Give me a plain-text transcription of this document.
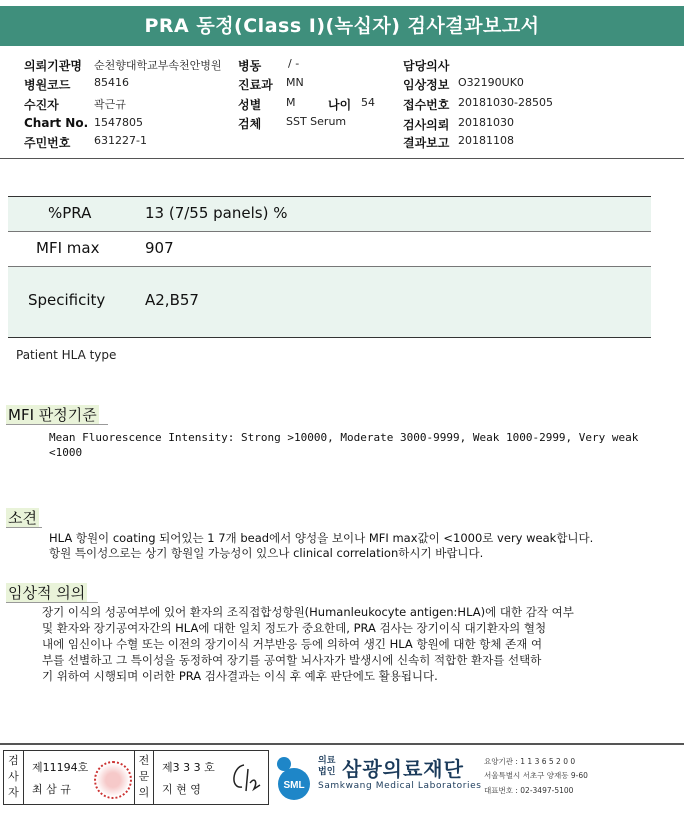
PRA 동정(Class I)(녹십자) 검사결과보고서
의뢰기관명 순천향대학교부속천안병원 병동 / -	담당의사
병원코드 85416	진료과 MN	임상정보 O32190UK0
수진자	곽근규	성별 M	나이 54 접수번호 20181030-28505
Chart No. 1547805	검체 SST Serum	검사의뢰 20181030
주민번호 631227-1	결과보고 20181108
%PRA	13 (7/55 panels) %
MFI max	907
Specificity	A2,B57
Patient HLA type
MFI 판정기준
Mean Fluorescence Intensity: Strong >10000, Moderate 3000-9999, Weak 1000-2999, Very weak
<1000
소견
HLA 항원이 coating 되어있는 1 7개 bead에서 양성을 보이나 MFI max값이 <1000로 very weak합니다.
항원 특이성으로는 상기 항원일 가능성이 있으나 clinical correlation하시기 바랍니다.
임상적 의의
장기 이식의 성공여부에 있어 환자의 조직접합성항원(Humanleukocyte antigen:HLA)에 대한 감작 여부
및 환자와 장기공여자간의 HLA에 대한 일치 정도가 중요한데, PRA 검사는 장기이식 대기환자의 혈청
내에 임신이나 수혈 또는 이전의 장기이식 거부반응 등에 의하여 생긴 HLA 항원에 대한 항체 존재 여
부를 선별하고 그 특이성을 동정하여 장기를 공여할 뇌사자가 발생시에 신속히 적합한 환자를 선택하
기 위하여 시행되며 이러한 PRA 검사결과는 이식 후 예후 판단에도 활용됩니다.
검
사
자
제11194호
최 삼 규
전
문
의
제3 3 3 호
지 현 영	SML
의료
법인 삼광의료재단
Samkwang Medical Laboratories
요양기관 : 1 1 3 6 5 2 0 0
서울특별시 서초구 양재동 9-60
대표번호 : 02-3497-5100
